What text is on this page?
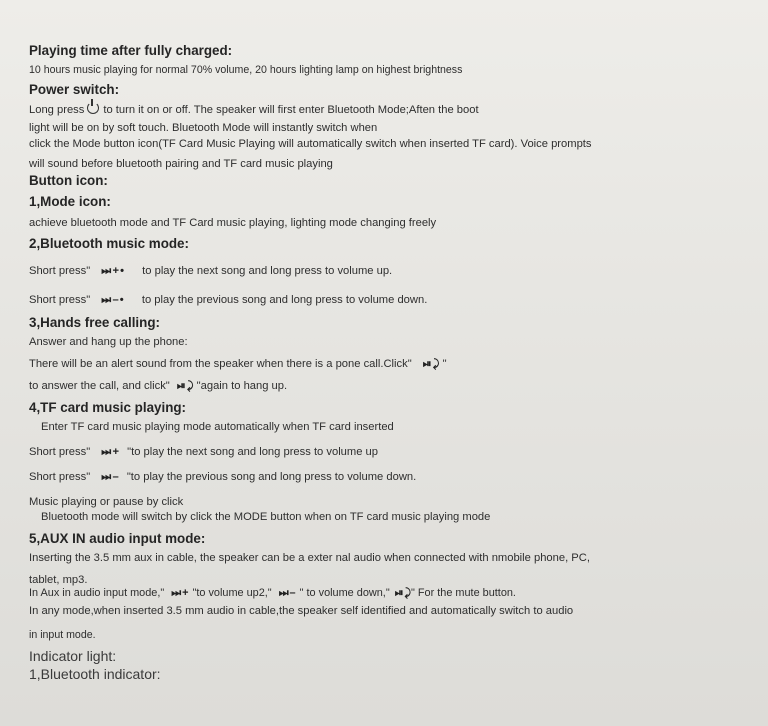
Playing time after fully charged:
10 hours music playing for normal 70% volume, 20 hours lighting lamp on highest brightness
Power switch:
Long press to turn it on or off. The speaker will first enter Bluetooth Mode;Aften the boot
light will be on by soft touch. Bluetooth Mode will instantly switch when
click the Mode button icon(TF Card Music Playing will automatically switch when inserted TF card). Voice prompts
will sound before bluetooth pairing and TF card music playing
Button icon:
1,Mode icon:
achieve bluetooth mode and TF Card music playing, lighting mode changing freely
2,Bluetooth music mode:
Short press" ⏭ + • to play the next song and long press to volume up.
Short press" ⏭ – • to play the previous song and long press to volume down.
3,Hands free calling:
Answer and hang up the phone:
There will be an alert sound from the speaker when there is a pone call.Click" ⏯ ⤸ "
to answer the call, and click" ⏯ ⤸ "again to hang up.
4,TF card music playing:
Enter TF card music playing mode automatically when TF card inserted
Short press" ⏭ + "to play the next song and long press to volume up
Short press" ⏭ – "to play the previous song and long press to volume down.
Music playing or pause by click
Bluetooth mode will switch by click the MODE button when on TF card music playing mode
5,AUX IN audio input mode:
Inserting the 3.5 mm aux in cable, the speaker can be a exter nal audio when connected with nmobile phone, PC,
tablet, mp3.
In Aux in audio input mode," ⏭ + "to volume up2," ⏭ – " to volume down," ⏯ ⤸" For the mute button.
In any mode,when inserted 3.5 mm audio in cable,the speaker self identified and automatically switch to audio
in input mode.
Indicator light:
1,Bluetooth indicator:
